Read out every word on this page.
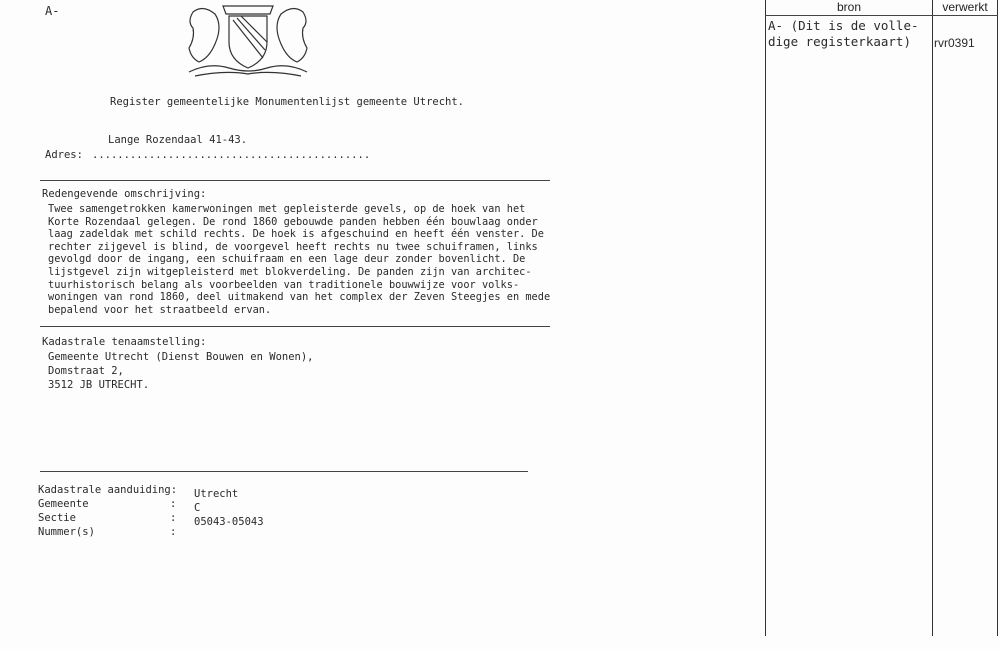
A-
Register gemeentelijke Monumentenlijst gemeente Utrecht.
Lange Rozendaal 41-43.
Adres: ............................................
Redengevende omschrijving:
Twee samengetrokken kamerwoningen met gepleisterde gevels, op de hoek van het
Korte Rozendaal gelegen. De rond 1860 gebouwde panden hebben één bouwlaag onder
laag zadeldak met schild rechts. De hoek is afgeschuind en heeft één venster. De
rechter zijgevel is blind, de voorgevel heeft rechts nu twee schuiframen, links
gevolgd door de ingang, een schuifraam en een lage deur zonder bovenlicht. De
lijstgevel zijn witgepleisterd met blokverdeling. De panden zijn van architec-
tuurhistorisch belang als voorbeelden van traditionele bouwwijze voor volks-
woningen van rond 1860, deel uitmakend van het complex der Zeven Steegjes en mede
bepalend voor het straatbeeld ervan.
Kadastrale tenaamstelling:
Gemeente Utrecht (Dienst Bouwen en Wonen),
Domstraat 2,
3512 JB UTRECHT.
Kadastrale aanduiding:
Gemeente
Sectie
Nummer(s)
:
:
:
Utrecht
C
05043-05043
bron	verwerkt
A- (Dit is de volle-
dige registerkaart) rvr0391
